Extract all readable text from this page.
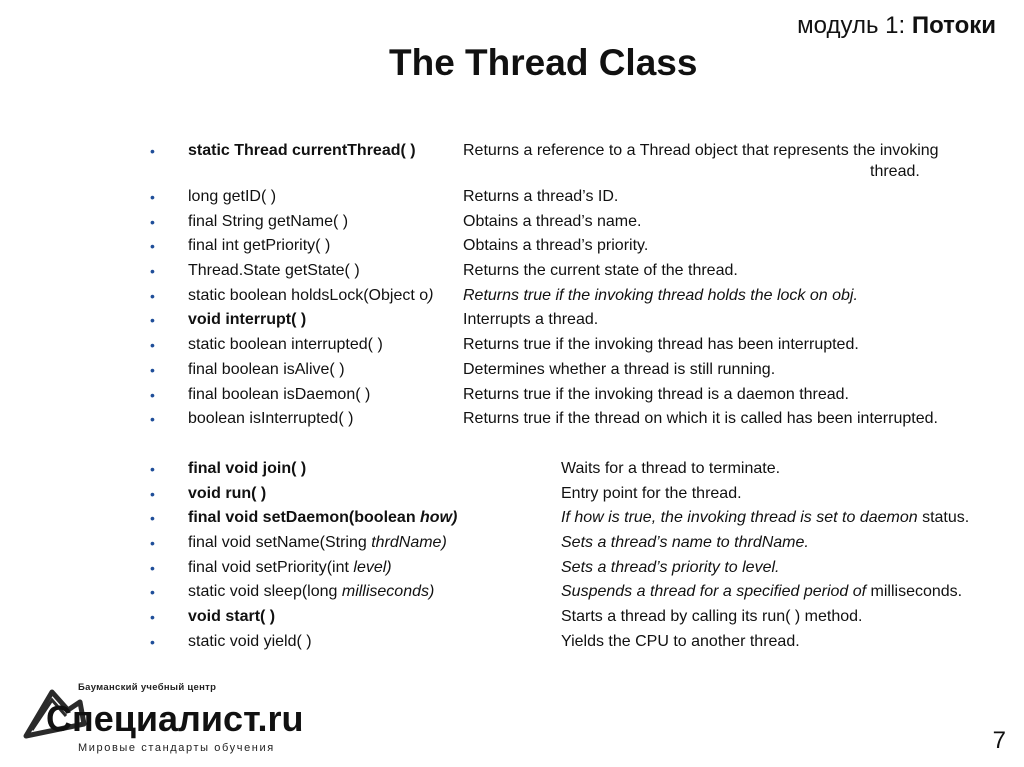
модуль 1: Потоки
The Thread Class
• static Thread currentThread( )	Returns a reference to a Thread object that represents the invoking
thread.
• long getID( )	Returns a thread’s ID.
• final String getName( )	Obtains a thread’s name.
• final int getPriority( )	Obtains a thread’s priority.
• Thread.State getState( )	Returns the current state of the thread.
• static boolean holdsLock(Object o) Returns true if the invoking thread holds the lock on obj.
• void interrupt( )	Interrupts a thread.
• static boolean interrupted( )	Returns true if the invoking thread has been interrupted.
• final boolean isAlive( )	Determines whether a thread is still running.
• final boolean isDaemon( )	Returns true if the invoking thread is a daemon thread.
• boolean isInterrupted( )	Returns true if the thread on which it is called has been interrupted.
• final void join( )	Waits for a thread to terminate.
• void run( )	Entry point for the thread.
• final void setDaemon(boolean how)	If how is true, the invoking thread is set to daemon status.
• final void setName(String thrdName)	Sets a thread’s name to thrdName.
• final void setPriority(int level)	Sets a thread’s priority to level.
• static void sleep(long milliseconds)	Suspends a thread for a specified period of milliseconds.
• void start( )	Starts a thread by calling its run( ) method.
• static void yield( )	Yields the CPU to another thread.
Бауманский учебный центр
Специалист.ru
Мировые стандарты обучения	7
